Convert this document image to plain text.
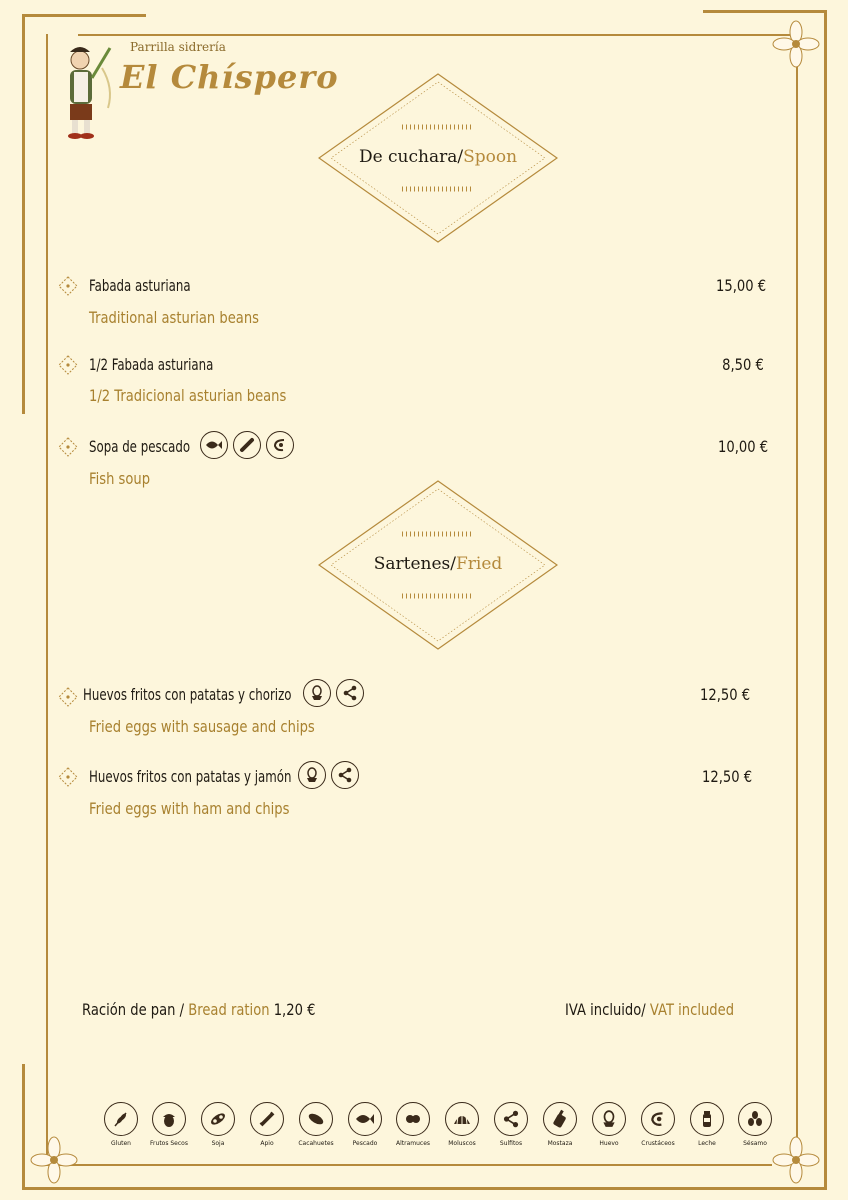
Parrilla sidrería
El Chíspero
De cuchara/Spoon
Fabada asturiana
Traditional asturian beans
15,00 €
1/2 Fabada asturiana
1/2 Tradicional asturian beans
8,50 €
Sopa de pescado
Fish soup
10,00 €
Sartenes/Fried
Huevos fritos con patatas y chorizo
Fried eggs with sausage and chips
12,50 €
Huevos fritos con patatas y jamón
Fried eggs with ham and chips
12,50 €
Ración de pan / Bread ration 1,20 €	IVA incluido/ VAT included
Gluten	Frutos Secos	Soja	Apio	Cacahuetes	Pescado	Altramuces	Moluscos	Sulfitos	Mostaza	Huevo	Crustáceos	Leche	Sésamo
